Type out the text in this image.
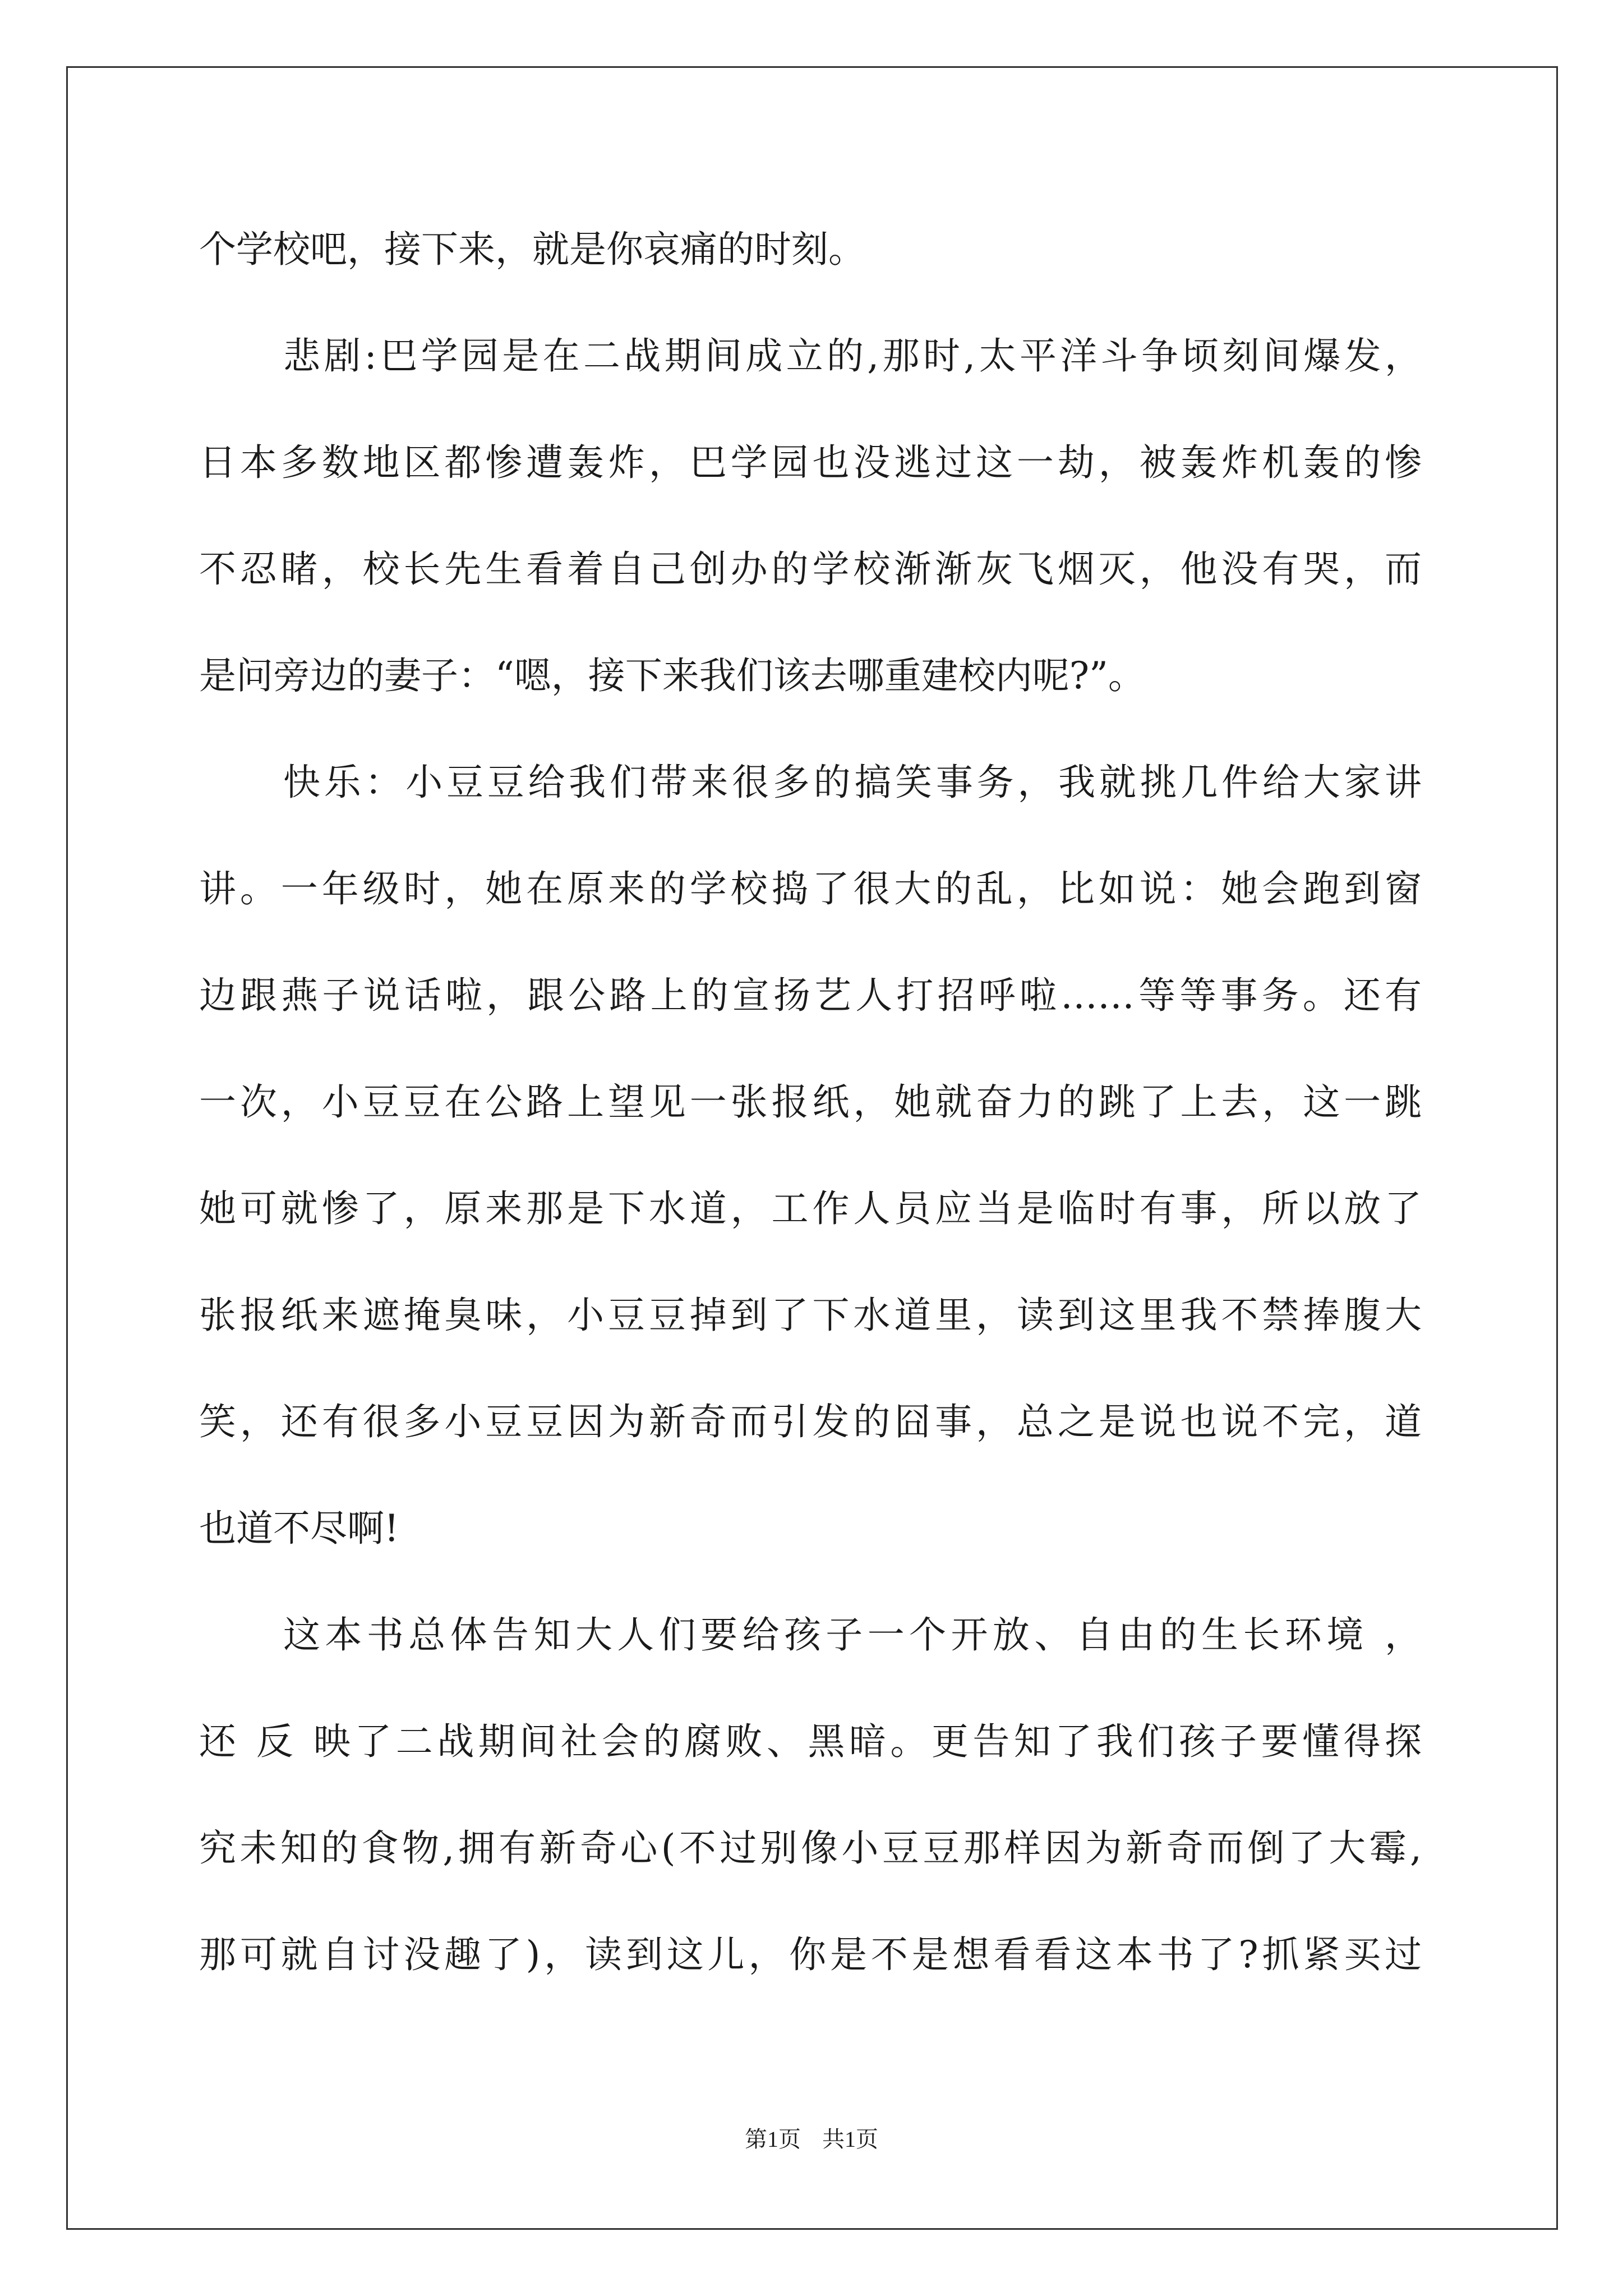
个学校吧，接下来，就是你哀痛的时刻。
悲剧:巴学园是在二战期间成立的,那时,太平洋斗争顷刻间爆发，
日本多数地区都惨遭轰炸，巴学园也没逃过这一劫，被轰炸机轰的惨
不忍睹，校长先生看着自己创办的学校渐渐灰飞烟灭，他没有哭，而
是问旁边的妻子：“嗯，接下来我们该去哪重建校内呢?”。
快乐：小豆豆给我们带来很多的搞笑事务，我就挑几件给大家讲
讲。一年级时，她在原来的学校捣了很大的乱，比如说：她会跑到窗
边跟燕子说话啦，跟公路上的宣扬艺人打招呼啦……等等事务。还有
一次，小豆豆在公路上望见一张报纸，她就奋力的跳了上去，这一跳
她可就惨了，原来那是下水道，工作人员应当是临时有事，所以放了
张报纸来遮掩臭味，小豆豆掉到了下水道里，读到这里我不禁捧腹大
笑，还有很多小豆豆因为新奇而引发的囧事，总之是说也说不完，道
也道不尽啊!
这本书总体告知大人们要给孩子一个开放、自由的生长环境 ，
还 反 映了二战期间社会的腐败、黑暗。更告知了我们孩子要懂得探
究未知的食物,拥有新奇心(不过别像小豆豆那样因为新奇而倒了大霉,
那可就自讨没趣了)，读到这儿，你是不是想看看这本书了?抓紧买过
第1页 共1页
